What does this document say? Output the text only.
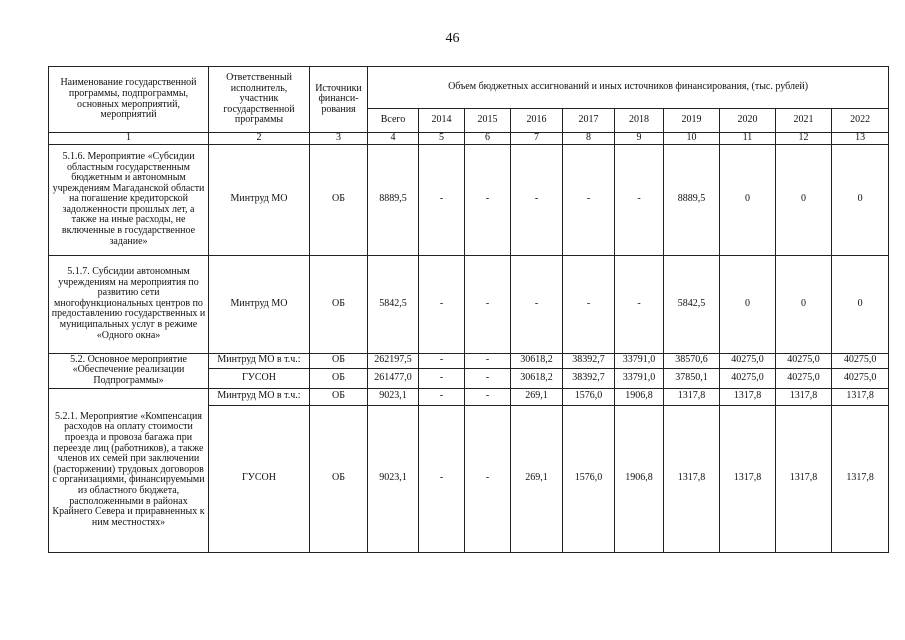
46
Наименование государственной программы, подпрограммы, основных мероприятий, мероприятий	Ответственный исполнитель, участник государственной программы	Источники финанси-рования	Объем бюджетных ассигнований и иных источников финансирования, (тыс. рублей)									
			Всего	2014	2015	2016	2017	2018	2019	2020	2021	2022
1	2	3	4	5	6	7	8	9	10	11	12	13
5.1.6. Мероприятие «Субсидии областным государственным бюджетным и автономным учреждениям Магаданской области на погашение кредиторской задолженности прошлых лет, а также на иные расходы, не включенные в государственное задание»	Минтруд МО	ОБ	8889,5	-	-	-	-	-	8889,5	0	0	0
5.1.7. Субсидии автономным учреждениям на мероприятия по развитию сети многофункциональных центров по предоставлению государственных и муниципальных услуг в режиме «Одного окна»	Минтруд МО	ОБ	5842,5	-	-	-	-	-	5842,5	0	0	0
5.2. Основное мероприятие «Обеспечение реализации Подпрограммы»	Минтруд МО в т.ч.:	ОБ	262197,5	-	-	30618,2	38392,7	33791,0	38570,6	40275,0	40275,0	40275,0
	ГУСОН	ОБ	261477,0	-	-	30618,2	38392,7	33791,0	37850,1	40275,0	40275,0	40275,0
5.2.1. Мероприятие «Компенсация расходов на оплату стоимости проезда и провоза багажа при переезде лиц (работников), а также членов их семей при заключении (расторжении) трудовых договоров с организациями, финансируемыми из областного бюджета, расположенными в районах Крайнего Севера и приравненных к ним местностях»	Минтруд МО в т.ч.:	ОБ	9023,1	-	-	269,1	1576,0	1906,8	1317,8	1317,8	1317,8	1317,8
	ГУСОН	ОБ	9023,1	-	-	269,1	1576,0	1906,8	1317,8	1317,8	1317,8	1317,8
